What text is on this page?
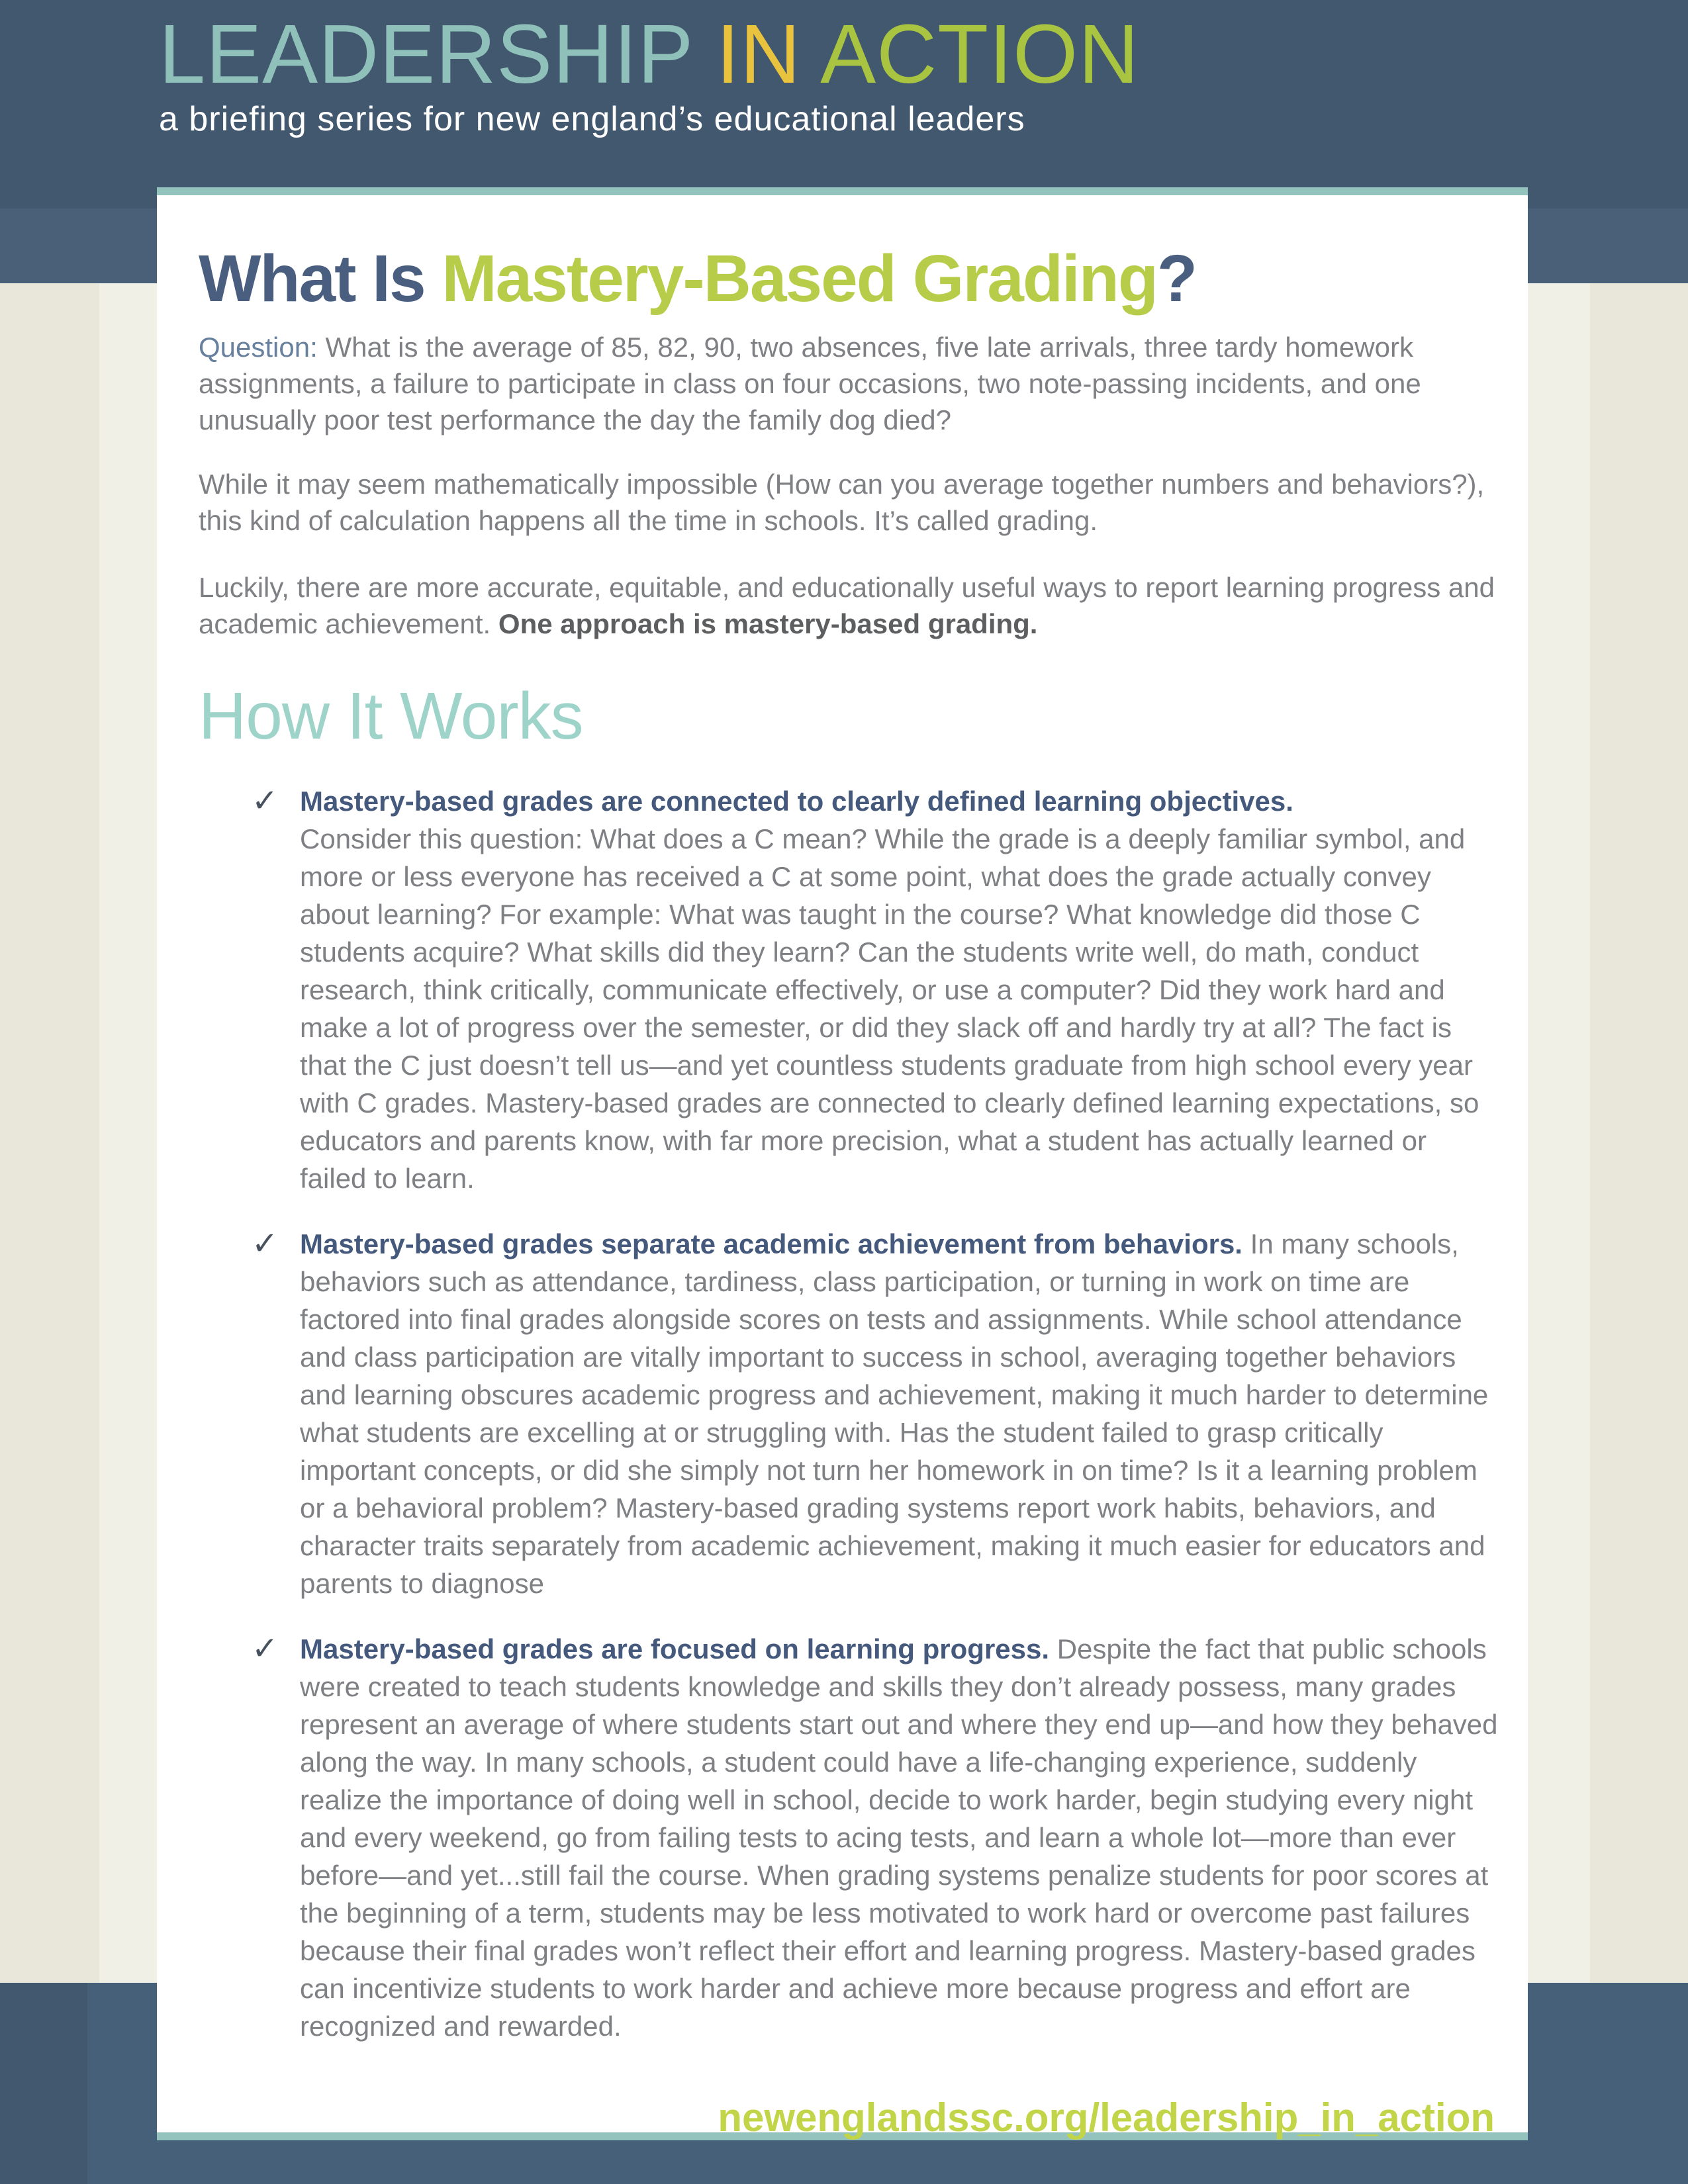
LEADERSHIP IN ACTION
a briefing series for new england’s educational leaders
What Is Mastery-Based Grading?

Question: What is the average of 85, 82, 90, two absences, five late arrivals, three tardy homework assignments, a failure to participate in class on four occasions, two note-passing incidents, and one unusually poor test performance the day the family dog died?

While it may seem mathematically impossible (How can you average together numbers and behaviors?), this kind of calculation happens all the time in schools. It’s called grading.

Luckily, there are more accurate, equitable, and educationally useful ways to report learning progress and academic achievement. One approach is mastery-based grading.

How It Works
✓ Mastery-based grades are connected to clearly defined learning objectives.
Consider this question: What does a C mean? While the grade is a deeply familiar symbol, and more or less everyone has received a C at some point, what does the grade actually convey about learning? For example: What was taught in the course? What knowledge did those C students acquire? What skills did they learn? Can the students write well, do math, conduct research, think critically, communicate effectively, or use a computer? Did they work hard and make a lot of progress over the semester, or did they slack off and hardly try at all? The fact is that the C just doesn’t tell us—and yet countless students graduate from high school every year with C grades. Mastery-based grades are connected to clearly defined learning expectations, so educators and parents know, with far more precision, what a student has actually learned or failed to learn.
✓ Mastery-based grades separate academic achievement from behaviors. In many schools, behaviors such as attendance, tardiness, class participation, or turning in work on time are factored into final grades alongside scores on tests and assignments. While school attendance and class participation are vitally important to success in school, averaging together behaviors and learning obscures academic progress and achievement, making it much harder to determine what students are excelling at or struggling with. Has the student failed to grasp critically important concepts, or did she simply not turn her homework in on time? Is it a learning problem or a behavioral problem? Mastery-based grading systems report work habits, behaviors, and character traits separately from academic achievement, making it much easier for educators and parents to diagnose
✓ Mastery-based grades are focused on learning progress. Despite the fact that public schools were created to teach students knowledge and skills they don’t already possess, many grades represent an average of where students start out and where they end up—and how they behaved along the way. In many schools, a student could have a life-changing experience, suddenly realize the importance of doing well in school, decide to work harder, begin studying every night and every weekend, go from failing tests to acing tests, and learn a whole lot—more than ever before—and yet...still fail the course. When grading systems penalize students for poor scores at the beginning of a term, students may be less motivated to work hard or overcome past failures because their final grades won’t reflect their effort and learning progress. Mastery-based grades can incentivize students to work harder and achieve more because progress and effort are recognized and rewarded.
newenglandssc.org/leadership_in_action
